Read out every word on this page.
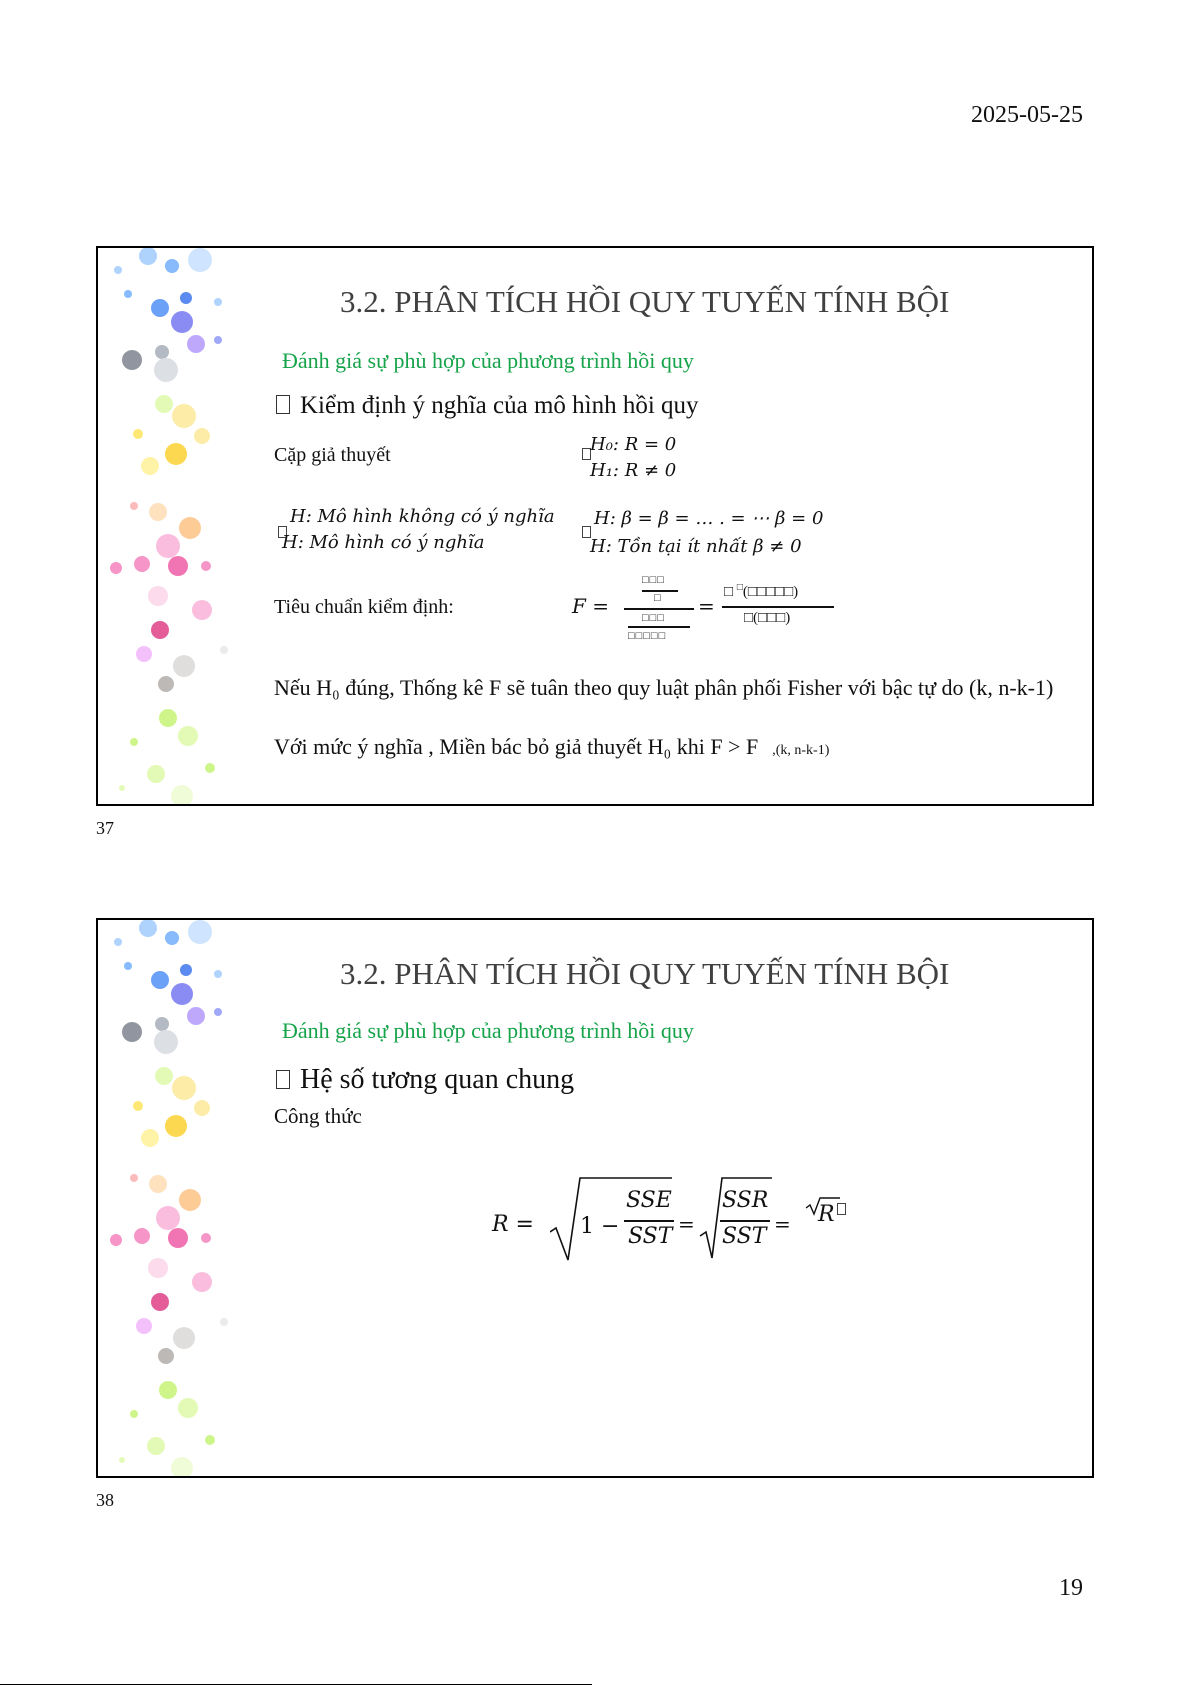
2025-05-25
3.2. PHÂN TÍCH HỒI QUY TUYẾN TÍNH BỘI
Đánh giá sự phù hợp của phương trình hồi quy
Kiểm định ý nghĩa của mô hình hồi quy
Cặp giả thuyết	H₀: R = 0
H₁: R ≠ 0
H: Mô hình không có ý nghĩa
H: Mô hình có ý nghĩa
H: β = β = … . = ⋯ β = 0
H: Tồn tại ít nhất β ≠ 0
Tiêu chuẩn kiểm định:	F =
□□□
□
□□□
□□□□□
=
□ □(□□□□□)
□(□□□)
Nếu H₀ đúng, Thống kê F sẽ tuân theo quy luật phân phối Fisher với bậc tự do (k, n-k-1)
Với mức ý nghĩa , Miền bác bỏ giả thuyết H₀ khi F > F ,(k, n-k-1)
37
3.2. PHÂN TÍCH HỒI QUY TUYẾN TÍNH BỘI
Đánh giá sự phù hợp của phương trình hồi quy
Hệ số tương quan chung
Công thức
R = 1 −
SSE
SST =
SSR
SST = R
38
19
